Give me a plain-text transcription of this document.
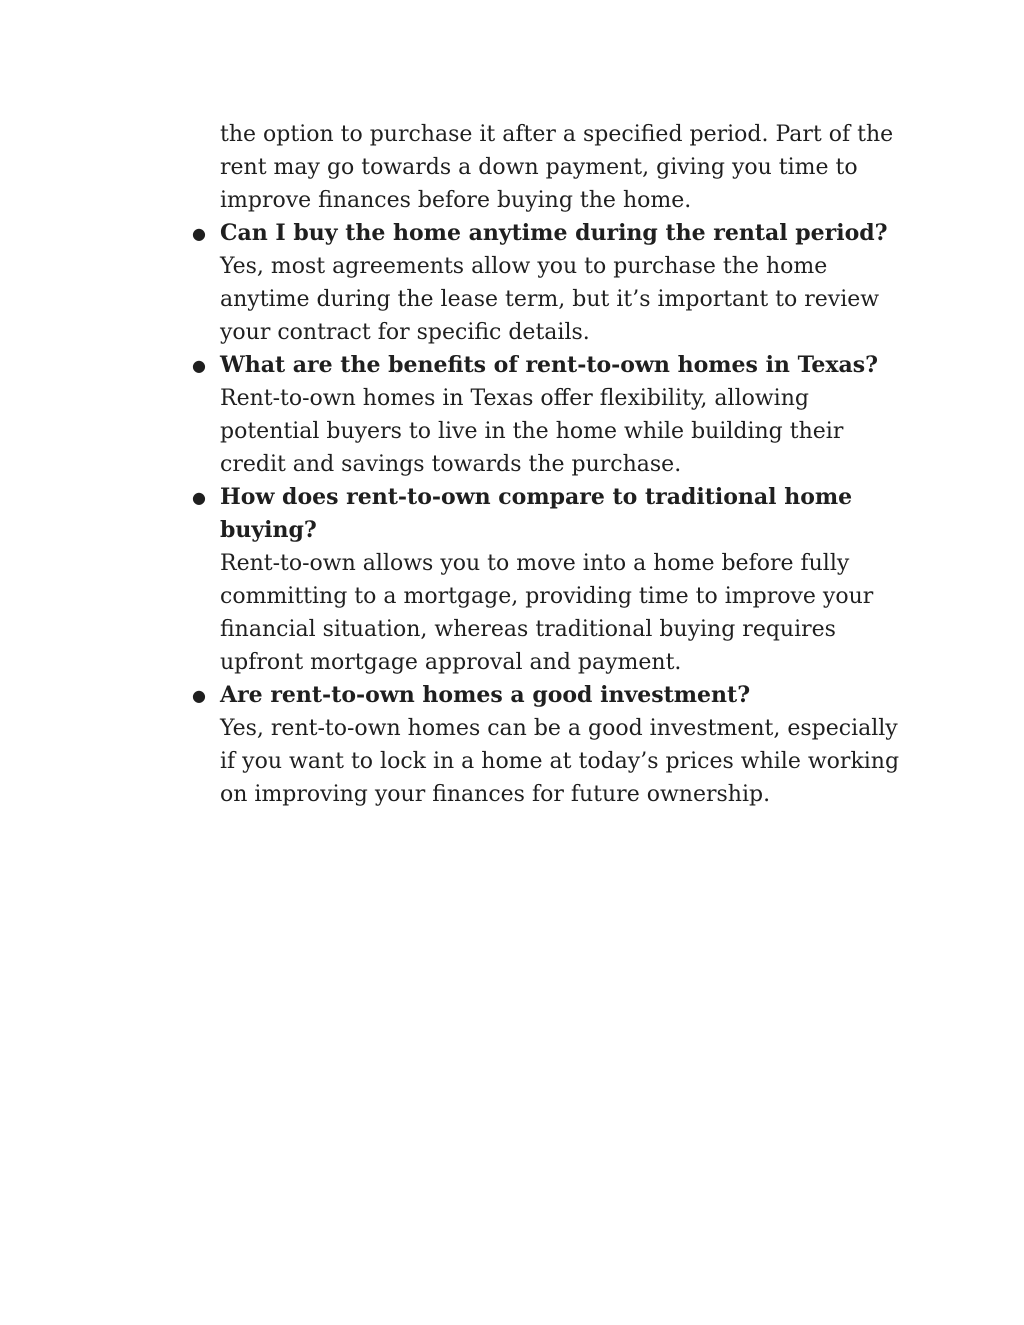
the option to purchase it after a specified period. Part of the rent may go towards a down payment, giving you time to improve finances before buying the home.

● Can I buy the home anytime during the rental period?

Yes, most agreements allow you to purchase the home anytime during the lease term, but it’s important to review your contract for specific details.

● What are the benefits of rent-to-own homes in Texas?

Rent-to-own homes in Texas offer flexibility, allowing potential buyers to live in the home while building their credit and savings towards the purchase.

● How does rent-to-own compare to traditional home buying?

Rent-to-own allows you to move into a home before fully committing to a mortgage, providing time to improve your financial situation, whereas traditional buying requires upfront mortgage approval and payment.

● Are rent-to-own homes a good investment?

Yes, rent-to-own homes can be a good investment, especially if you want to lock in a home at today’s prices while working on improving your finances for future ownership.
